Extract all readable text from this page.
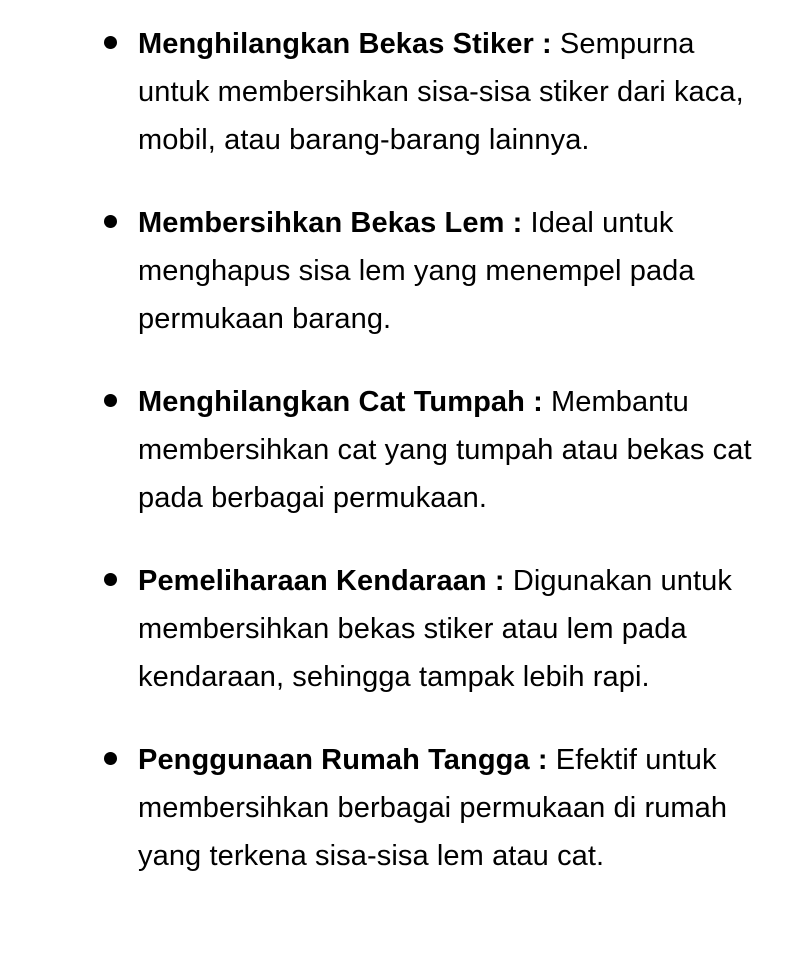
Menghilangkan Bekas Stiker : Sempurna untuk membersihkan sisa-sisa stiker dari kaca, mobil, atau barang-barang lainnya.
Membersihkan Bekas Lem : Ideal untuk menghapus sisa lem yang menempel pada permukaan barang.
Menghilangkan Cat Tumpah : Membantu membersihkan cat yang tumpah atau bekas cat pada berbagai permukaan.
Pemeliharaan Kendaraan : Digunakan untuk membersihkan bekas stiker atau lem pada kendaraan, sehingga tampak lebih rapi.
Penggunaan Rumah Tangga : Efektif untuk membersihkan berbagai permukaan di rumah yang terkena sisa-sisa lem atau cat.
